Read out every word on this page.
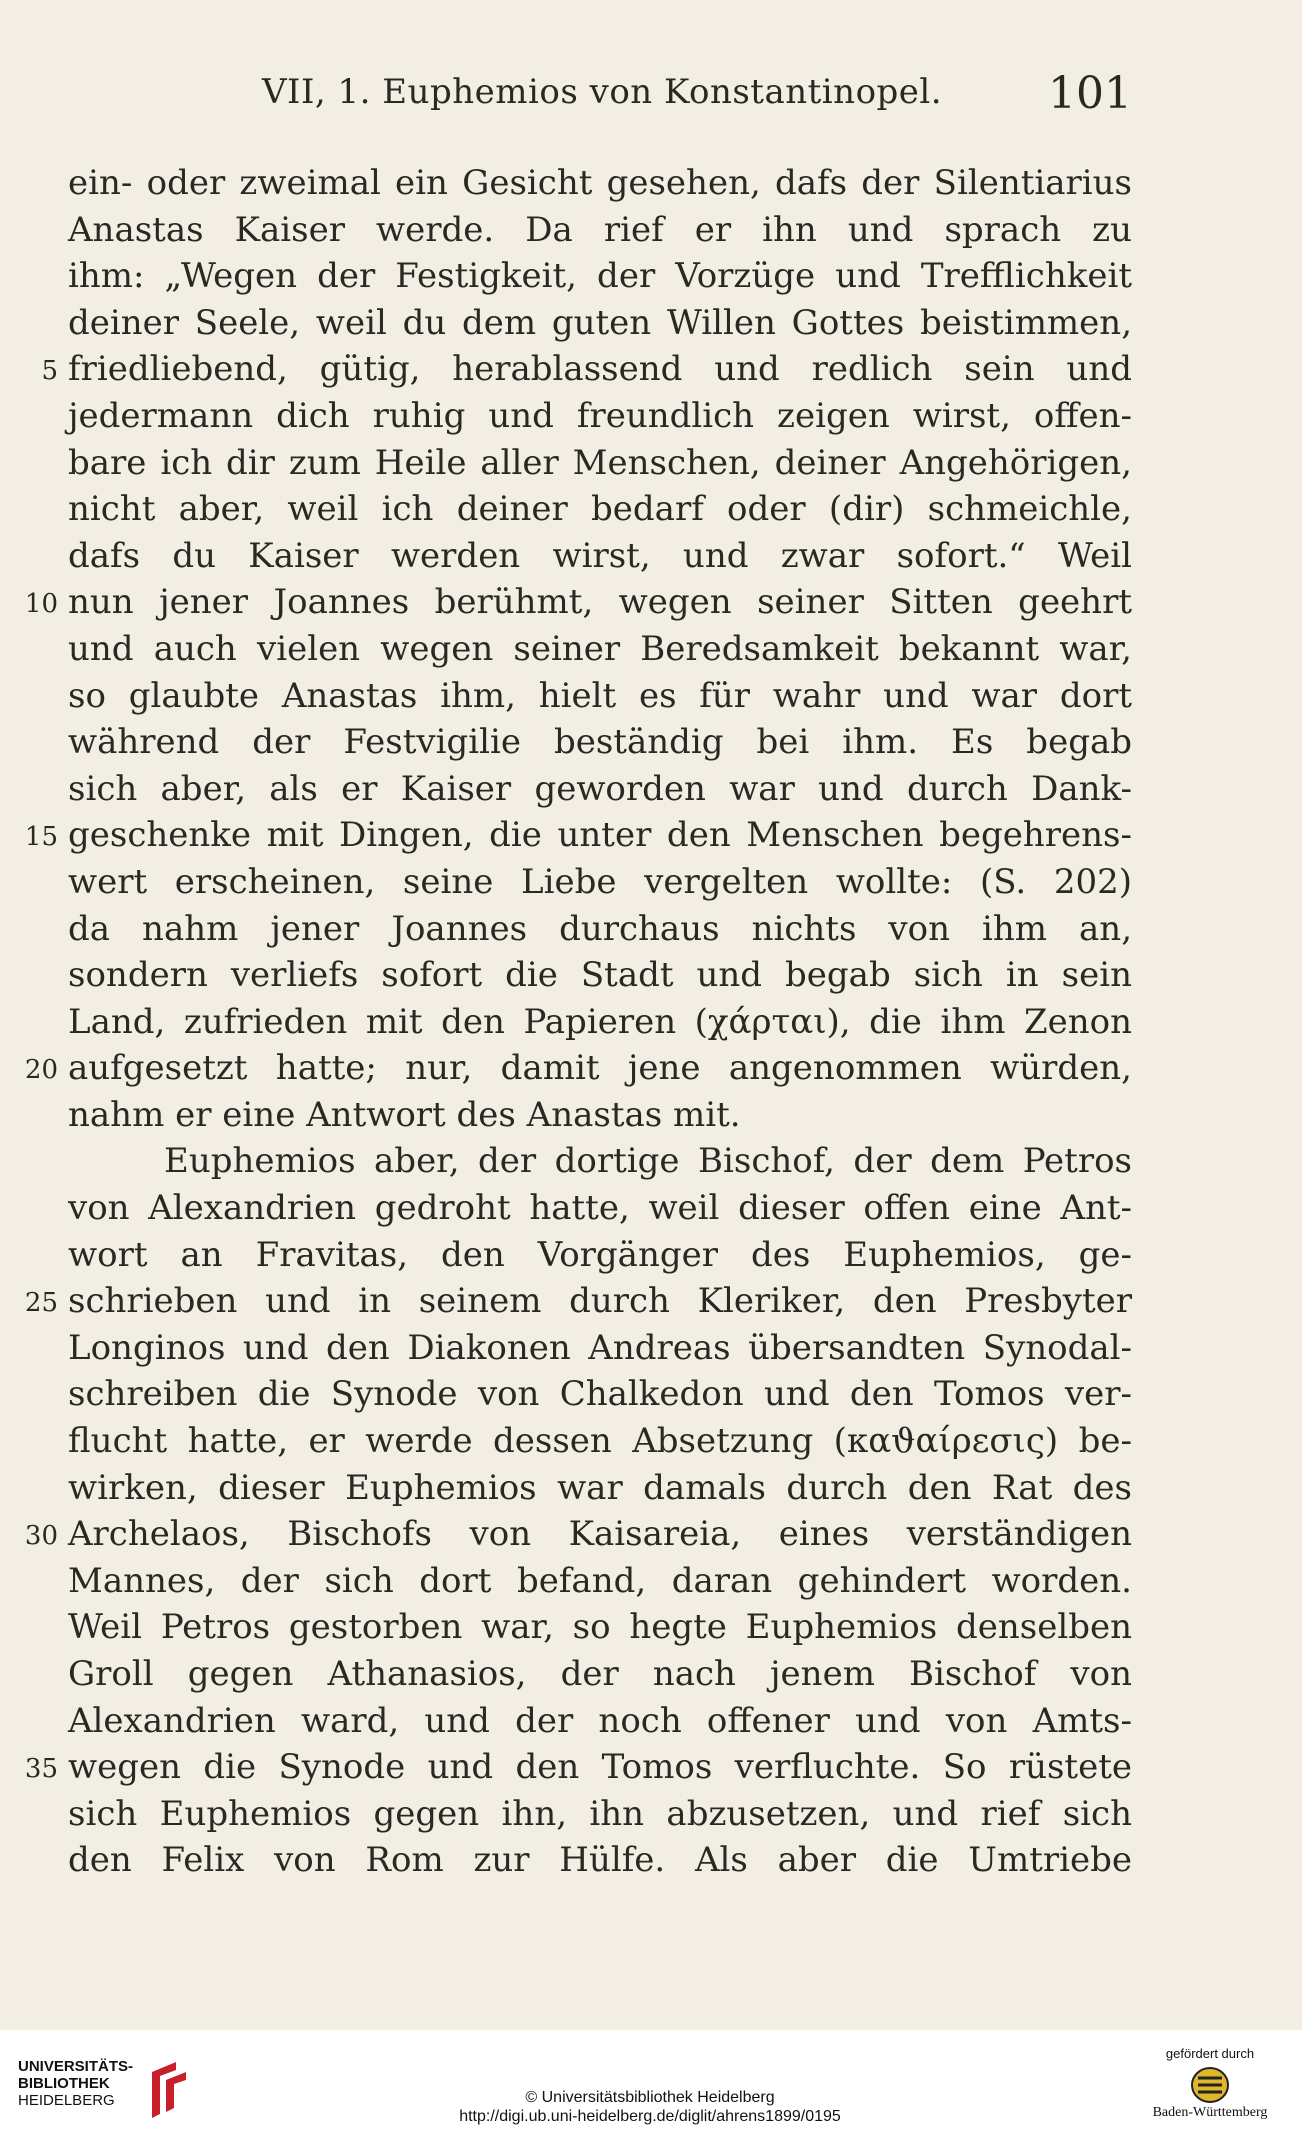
VII, 1. Euphemios von Konstantinopel. 101
ein- oder zweimal ein Gesicht gesehen, dafs der Silentiarius
Anastas Kaiser werde. Da rief er ihn und sprach zu
ihm: „Wegen der Festigkeit, der Vorzüge und Trefflichkeit
deiner Seele, weil du dem guten Willen Gottes beistimmen,
5 friedliebend, gütig, herablassend und redlich sein und
jedermann dich ruhig und freundlich zeigen wirst, offen-
bare ich dir zum Heile aller Menschen, deiner Angehörigen,
nicht aber, weil ich deiner bedarf oder (dir) schmeichle,
dafs du Kaiser werden wirst, und zwar sofort.“ Weil
10 nun jener Joannes berühmt, wegen seiner Sitten geehrt
und auch vielen wegen seiner Beredsamkeit bekannt war,
so glaubte Anastas ihm, hielt es für wahr und war dort
während der Festvigilie beständig bei ihm. Es begab
sich aber, als er Kaiser geworden war und durch Dank-
15 geschenke mit Dingen, die unter den Menschen begehrens-
wert erscheinen, seine Liebe vergelten wollte: (S. 202)
da nahm jener Joannes durchaus nichts von ihm an,
sondern verliefs sofort die Stadt und begab sich in sein
Land, zufrieden mit den Papieren (χάρται), die ihm Zenon
20 aufgesetzt hatte; nur, damit jene angenommen würden,
nahm er eine Antwort des Anastas mit.
Euphemios aber, der dortige Bischof, der dem Petros
von Alexandrien gedroht hatte, weil dieser offen eine Ant-
wort an Fravitas, den Vorgänger des Euphemios, ge-
25 schrieben und in seinem durch Kleriker, den Presbyter
Longinos und den Diakonen Andreas übersandten Synodal-
schreiben die Synode von Chalkedon und den Tomos ver-
flucht hatte, er werde dessen Absetzung (καϑαίρεσις) be-
wirken, dieser Euphemios war damals durch den Rat des
30 Archelaos, Bischofs von Kaisareia, eines verständigen
Mannes, der sich dort befand, daran gehindert worden.
Weil Petros gestorben war, so hegte Euphemios denselben
Groll gegen Athanasios, der nach jenem Bischof von
Alexandrien ward, und der noch offener und von Amts-
35 wegen die Synode und den Tomos verfluchte. So rüstete
sich Euphemios gegen ihn, ihn abzusetzen, und rief sich
den Felix von Rom zur Hülfe. Als aber die Umtriebe
UNIVERSITÄTS-
BIBLIOTHEK
HEIDELBERG	© Universitätsbibliothek Heidelberg
http://digi.ub.uni-heidelberg.de/diglit/ahrens1899/0195
gefördert durch
Baden-Württemberg
